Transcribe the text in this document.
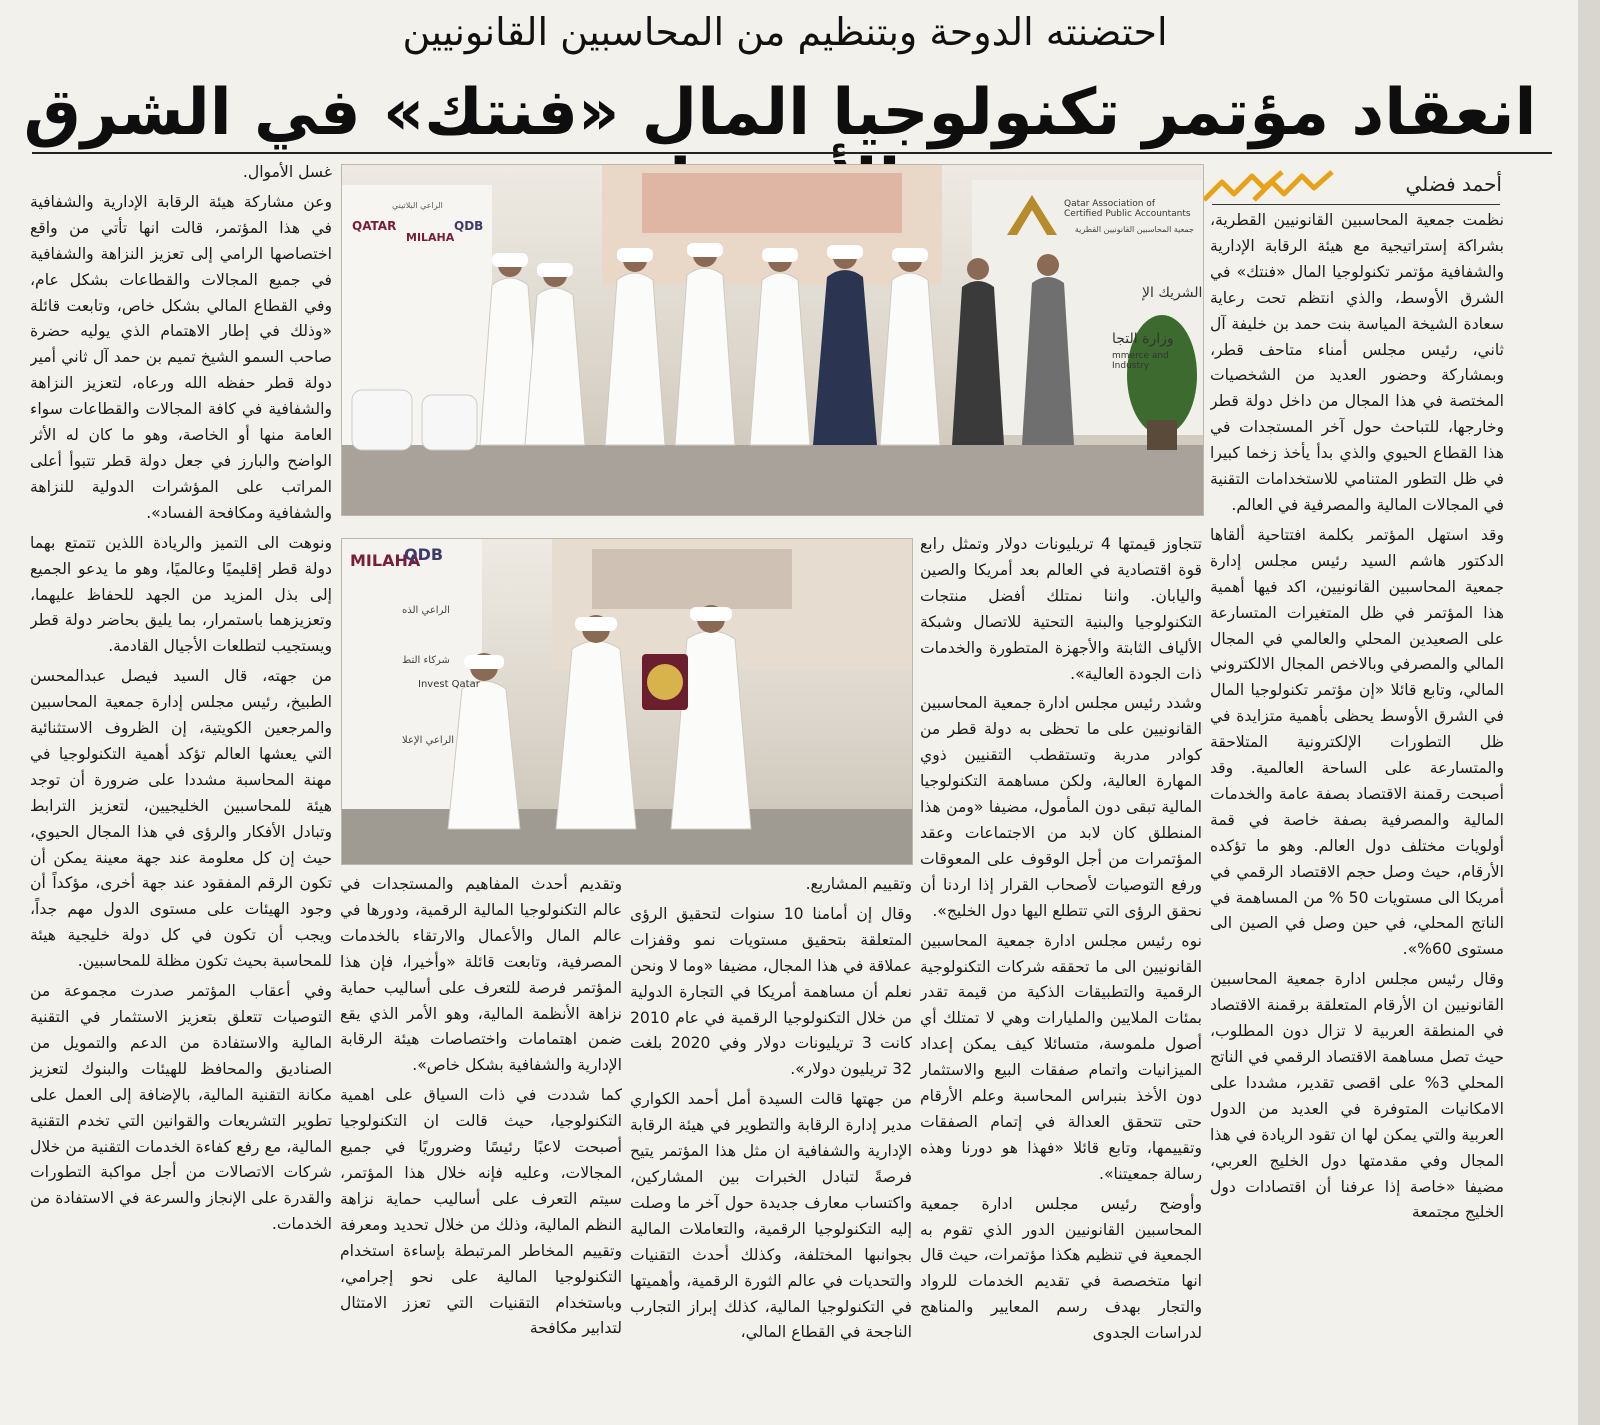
احتضنته الدوحة وبتنظيم من المحاسبين القانونيين
انعقاد مؤتمر تكنولوجيا المال «فنتك» في الشرق
أحمد فضلي

نظمت جمعية المحاسبين القانونيين القطرية، بشراكة إستراتيجية مع هيئة الرقابة الإدارية والشفافية مؤتمر تكنولوجيا المال «فنتك» في الشرق الأوسط، والذي انتظم تحت رعاية سعادة الشيخة المياسة بنت حمد بن خليفة آل ثاني، رئيس مجلس أمناء متاحف قطر، وبمشاركة وحضور العديد من الشخصيات المختصة في هذا المجال من داخل دولة قطر وخارجها، للتباحث حول آخر المستجدات في هذا القطاع الحيوي والذي بدأ يأخذ زخما كبيرا في ظل التطور المتنامي للاستخدامات التقنية في المجالات المالية والمصرفية في العالم.

وقد استهل المؤتمر بكلمة افتتاحية ألقاها الدكتور هاشم السيد رئيس مجلس إدارة جمعية المحاسبين القانونيين، اكد فيها أهمية هذا المؤتمر في ظل المتغيرات المتسارعة على الصعيدين المحلي والعالمي في المجال المالي والمصرفي وبالاخص المجال الالكتروني المالي، وتابع قائلا «إن مؤتمر تكنولوجيا المال في الشرق الأوسط يحظى بأهمية متزايدة في ظل التطورات الإلكترونية المتلاحقة والمتسارعة على الساحة العالمية. وقد أصبحت رقمنة الاقتصاد بصفة عامة والخدمات المالية والمصرفية بصفة خاصة في قمة أولويات مختلف دول العالم. وهو ما تؤكده الأرقام، حيث وصل حجم الاقتصاد الرقمي في أمريكا الى مستويات 50 % من المساهمة في الناتج المحلي، في حين وصل في الصين الى مستوى 60%».

وقال رئيس مجلس ادارة جمعية المحاسبين القانونيين ان الأرقام المتعلقة برقمنة الاقتصاد في المنطقة العربية لا تزال دون المطلوب، حيث تصل مساهمة الاقتصاد الرقمي في الناتج المحلي 3% على اقصى تقدير، مشددا على الامكانيات المتوفرة في العديد من الدول العربية والتي يمكن لها ان تقود الريادة في هذا المجال وفي مقدمتها دول الخليج العربي، مضيفا «خاصة إذا عرفنا أن اقتصادات دول الخليج مجتمعة

تتجاوز قيمتها 4 تريليونات دولار وتمثل رابع قوة اقتصادية في العالم بعد أمريكا والصين واليابان. واننا نمتلك أفضل منتجات التكنولوجيا والبنية التحتية للاتصال وشبكة الألياف الثابتة والأجهزة المتطورة والخدمات ذات الجودة العالية».

وشدد رئيس مجلس ادارة جمعية المحاسبين القانونيين على ما تحظى به دولة قطر من كوادر مدربة وتستقطب التقنيين ذوي المهارة العالية، ولكن مساهمة التكنولوجيا المالية تبقى دون المأمول، مضيفا «ومن هذا المنطلق كان لابد من الاجتماعات وعقد المؤتمرات من أجل الوقوف على المعوقات ورفع التوصيات لأصحاب القرار إذا اردنا أن نحقق الرؤى التي تتطلع اليها دول الخليج».

نوه رئيس مجلس ادارة جمعية المحاسبين القانونيين الى ما تحققه شركات التكنولوجية الرقمية والتطبيقات الذكية من قيمة تقدر بمئات الملايين والمليارات وهي لا تمتلك أي أصول ملموسة، متسائلا كيف يمكن إعداد الميزانيات واتمام صفقات البيع والاستثمار دون الأخذ بنبراس المحاسبة وعلم الأرقام حتى تتحقق العدالة في إتمام الصفقات وتقييمها، وتابع قائلا «فهذا هو دورنا وهذه رسالة جمعيتنا».

وأوضح رئيس مجلس ادارة جمعية المحاسبين القانونيين الدور الذي تقوم به الجمعية في تنظيم هكذا مؤتمرات، حيث قال انها متخصصة في تقديم الخدمات للرواد والتجار بهدف رسم المعايير والمناهج لدراسات الجدوى

وتقييم المشاريع.

وقال إن أمامنا 10 سنوات لتحقيق الرؤى المتعلقة بتحقيق مستويات نمو وقفزات عملاقة في هذا المجال، مضيفا «وما لا ونحن نعلم أن مساهمة أمريكا في التجارة الدولية من خلال التكنولوجيا الرقمية في عام 2010 كانت 3 تريليونات دولار وفي 2020 بلغت 32 تريليون دولار».

من جهتها قالت السيدة أمل أحمد الكواري مدير إدارة الرقابة والتطوير في هيئة الرقابة الإدارية والشفافية ان مثل هذا المؤتمر يتيح فرصةً لتبادل الخبرات بين المشاركين، واكتساب معارف جديدة حول آخر ما وصلت إليه التكنولوجيا الرقمية، والتعاملات المالية بجوانبها المختلفة، وكذلك أحدث التقنيات والتحديات في عالم الثورة الرقمية، وأهميتها في التكنولوجيا المالية، كذلك إبراز التجارب الناجحة في القطاع المالي،

وتقديم أحدث المفاهيم والمستجدات في عالم التكنولوجيا المالية الرقمية، ودورها في عالم المال والأعمال والارتقاء بالخدمات المصرفية، وتابعت قائلة «وأخيرا، فإن هذا المؤتمر فرصة للتعرف على أساليب حماية نزاهة الأنظمة المالية، وهو الأمر الذي يقع ضمن اهتمامات واختصاصات هيئة الرقابة الإدارية والشفافية بشكل خاص».

كما شددت في ذات السياق على اهمية التكنولوجيا، حيث قالت ان التكنولوجيا أصبحت لاعبًا رئيسًا وضروريًا في جميع المجالات، وعليه فإنه خلال هذا المؤتمر، سيتم التعرف على أساليب حماية نزاهة النظم المالية، وذلك من خلال تحديد ومعرفة وتقييم المخاطر المرتبطة بإساءة استخدام التكنولوجيا المالية على نحو إجرامي، وباستخدام التقنيات التي تعزز الامتثال لتدابير مكافحة

غسل الأموال.

وعن مشاركة هيئة الرقابة الإدارية والشفافية في هذا المؤتمر، قالت انها تأتي من واقع اختصاصها الرامي إلى تعزيز النزاهة والشفافية في جميع المجالات والقطاعات بشكل عام، وفي القطاع المالي بشكل خاص، وتابعت قائلة «وذلك في إطار الاهتمام الذي يوليه حضرة صاحب السمو الشيخ تميم بن حمد آل ثاني أمير دولة قطر حفظه الله ورعاه، لتعزيز النزاهة والشفافية في كافة المجالات والقطاعات سواء العامة منها أو الخاصة، وهو ما كان له الأثر الواضح والبارز في جعل دولة قطر تتبوأ أعلى المراتب على المؤشرات الدولية للنزاهة والشفافية ومكافحة الفساد».

ونوهت الى التميز والريادة اللذين تتمتع بهما دولة قطر إقليميًا وعالميًا، وهو ما يدعو الجميع إلى بذل المزيد من الجهد للحفاظ عليهما، وتعزيزهما باستمرار، بما يليق بحاضر دولة قطر ويستجيب لتطلعات الأجيال القادمة.

من جهته، قال السيد فيصل عبدالمحسن الطبيخ، رئيس مجلس إدارة جمعية المحاسبين والمرجعين الكويتية، إن الظروف الاستثنائية التي يعشها العالم تؤكد أهمية التكنولوجيا في مهنة المحاسبة مشددا على ضرورة أن توجد هيئة للمحاسبين الخليجيين، لتعزيز الترابط وتبادل الأفكار والرؤى في هذا المجال الحيوي، حيث إن كل معلومة عند جهة معينة يمكن أن تكون الرقم المفقود عند جهة أخرى، مؤكداً أن وجود الهيئات على مستوى الدول مهم جداً، ويجب أن تكون في كل دولة خليجية هيئة للمحاسبة بحيث تكون مظلة للمحاسبين.

وفي أعقاب المؤتمر صدرت مجموعة من التوصيات تتعلق بتعزيز الاستثمار في التقنية المالية والاستفادة من الدعم والتمويل من الصناديق والمحافظ للهيئات والبنوك لتعزيز مكانة التقنية المالية، بالإضافة إلى العمل على تطوير التشريعات والقوانين التي تخدم التقنية المالية، مع رفع كفاءة الخدمات التقنية من خلال شركات الاتصالات من أجل مواكبة التطورات والقدرة على الإنجاز والسرعة في الاستفادة من الخدمات.

QATAR
MILAHA
QDB
الراعي البلاتيني	Qatar Association of Certified Public Accountants
جمعية المحاسبين القانونيين القطرية
الشريك الإ
وزارة التجا
mmerce and Industry
MILAHA
QDB
الراعي الذه
شركاء التط
الراعي الإعلا
Invest Qatar
